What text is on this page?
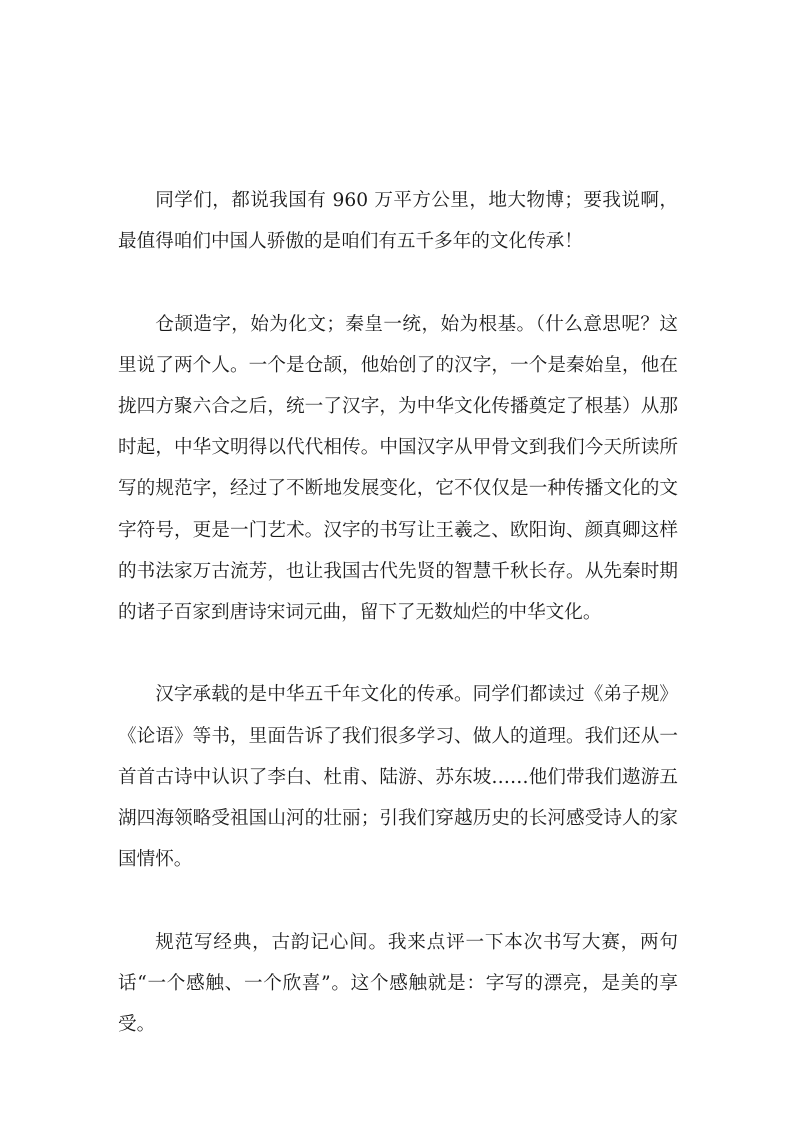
同学们，都说我国有 960 万平方公里，地大物博；要我说啊，最值得咱们中国人骄傲的是咱们有五千多年的文化传承！

仓颉造字，始为化文；秦皇一统，始为根基。（什么意思呢？这里说了两个人。一个是仓颉，他始创了的汉字，一个是秦始皇，他在拢四方聚六合之后，统一了汉字，为中华文化传播奠定了根基）从那时起，中华文明得以代代相传。中国汉字从甲骨文到我们今天所读所写的规范字，经过了不断地发展变化，它不仅仅是一种传播文化的文字符号，更是一门艺术。汉字的书写让王羲之、欧阳询、颜真卿这样的书法家万古流芳，也让我国古代先贤的智慧千秋长存。从先秦时期的诸子百家到唐诗宋词元曲，留下了无数灿烂的中华文化。

汉字承载的是中华五千年文化的传承。同学们都读过《弟子规》《论语》等书，里面告诉了我们很多学习、做人的道理。我们还从一首首古诗中认识了李白、杜甫、陆游、苏东坡……他们带我们遨游五湖四海领略受祖国山河的壮丽；引我们穿越历史的长河感受诗人的家国情怀。

规范写经典，古韵记心间。我来点评一下本次书写大赛，两句话“一个感触、一个欣喜”。这个感触就是：字写的漂亮，是美的享受。
